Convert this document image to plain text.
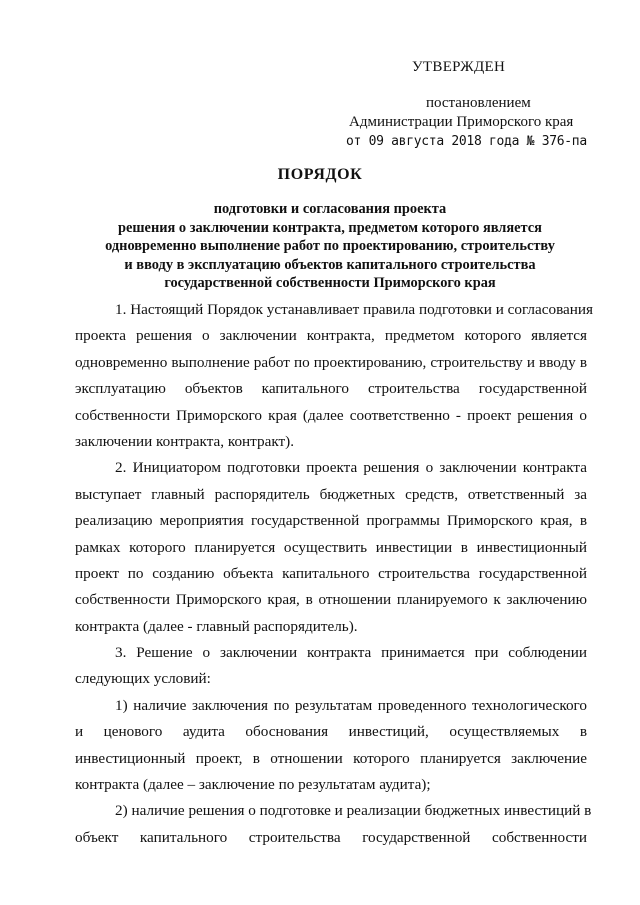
УТВЕРЖДЕН
постановлением
Администрации Приморского края
от 09 августа 2018 года № 376-па
ПОРЯДОК
подготовки и согласования проекта
решения о заключении контракта, предметом которого является
одновременно выполнение работ по проектированию, строительству
и вводу в эксплуатацию объектов капитального строительства
государственной собственности Приморского края
1. Настоящий Порядок устанавливает правила подготовки и согласования
проекта решения о заключении контракта, предметом которого является
одновременно выполнение работ по проектированию, строительству и вводу в
эксплуатацию объектов капитального строительства государственной
собственности Приморского края (далее соответственно - проект решения о
заключении контракта, контракт).
2. Инициатором подготовки проекта решения о заключении контракта
выступает главный распорядитель бюджетных средств, ответственный за
реализацию мероприятия государственной программы Приморского края, в
рамках которого планируется осуществить инвестиции в инвестиционный
проект по созданию объекта капитального строительства государственной
собственности Приморского края, в отношении планируемого к заключению
контракта (далее - главный распорядитель).
3. Решение о заключении контракта принимается при соблюдении
следующих условий:
1) наличие заключения по результатам проведенного технологического
и ценового аудита обоснования инвестиций, осуществляемых в
инвестиционный проект, в отношении которого планируется заключение
контракта (далее – заключение по результатам аудита);
2) наличие решения о подготовке и реализации бюджетных инвестиций в
объект капитального строительства государственной собственности
